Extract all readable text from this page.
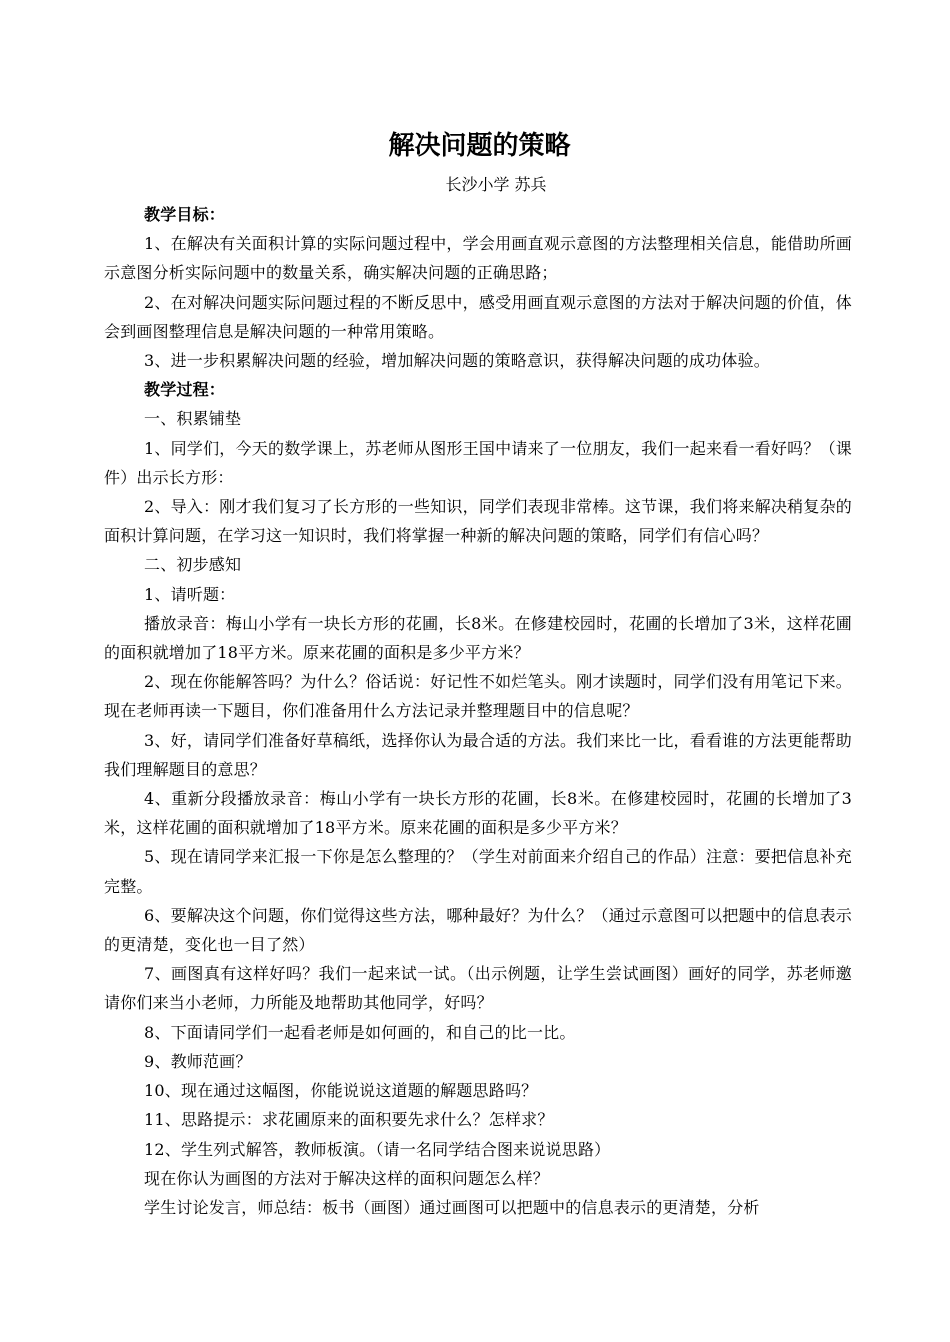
解决问题的策略

长沙小学 苏兵

教学目标：

1、在解决有关面积计算的实际问题过程中，学会用画直观示意图的方法整理相关信息，能借助所画示意图分析实际问题中的数量关系，确实解决问题的正确思路；

2、在对解决问题实际问题过程的不断反思中，感受用画直观示意图的方法对于解决问题的价值，体会到画图整理信息是解决问题的一种常用策略。

3、进一步积累解决问题的经验，增加解决问题的策略意识，获得解决问题的成功体验。

教学过程：

一、积累铺垫

1、同学们，今天的数学课上，苏老师从图形王国中请来了一位朋友，我们一起来看一看好吗？（课件）出示长方形：

2、导入：刚才我们复习了长方形的一些知识，同学们表现非常棒。这节课，我们将来解决稍复杂的面积计算问题，在学习这一知识时，我们将掌握一种新的解决问题的策略，同学们有信心吗？

二、初步感知

1、请听题：

播放录音：梅山小学有一块长方形的花圃，长8米。在修建校园时，花圃的长增加了3米，这样花圃的面积就增加了18平方米。原来花圃的面积是多少平方米？

2、现在你能解答吗？为什么？俗话说：好记性不如烂笔头。刚才读题时，同学们没有用笔记下来。现在老师再读一下题目，你们准备用什么方法记录并整理题目中的信息呢？

3、好，请同学们准备好草稿纸，选择你认为最合适的方法。我们来比一比，看看谁的方法更能帮助我们理解题目的意思？

4、重新分段播放录音：梅山小学有一块长方形的花圃，长8米。在修建校园时，花圃的长增加了3米，这样花圃的面积就增加了18平方米。原来花圃的面积是多少平方米？

5、现在请同学来汇报一下你是怎么整理的？（学生对前面来介绍自己的作品）注意：要把信息补充完整。

6、要解决这个问题，你们觉得这些方法，哪种最好？为什么？（通过示意图可以把题中的信息表示的更清楚，变化也一目了然）

7、画图真有这样好吗？我们一起来试一试。（出示例题，让学生尝试画图）画好的同学，苏老师邀请你们来当小老师，力所能及地帮助其他同学，好吗？

8、下面请同学们一起看老师是如何画的，和自己的比一比。

9、教师范画？

10、现在通过这幅图，你能说说这道题的解题思路吗？

11、思路提示：求花圃原来的面积要先求什么？怎样求？

12、学生列式解答，教师板演。（请一名同学结合图来说说思路）

现在你认为画图的方法对于解决这样的面积问题怎么样？

学生讨论发言，师总结：板书（画图）通过画图可以把题中的信息表示的更清楚，分析
